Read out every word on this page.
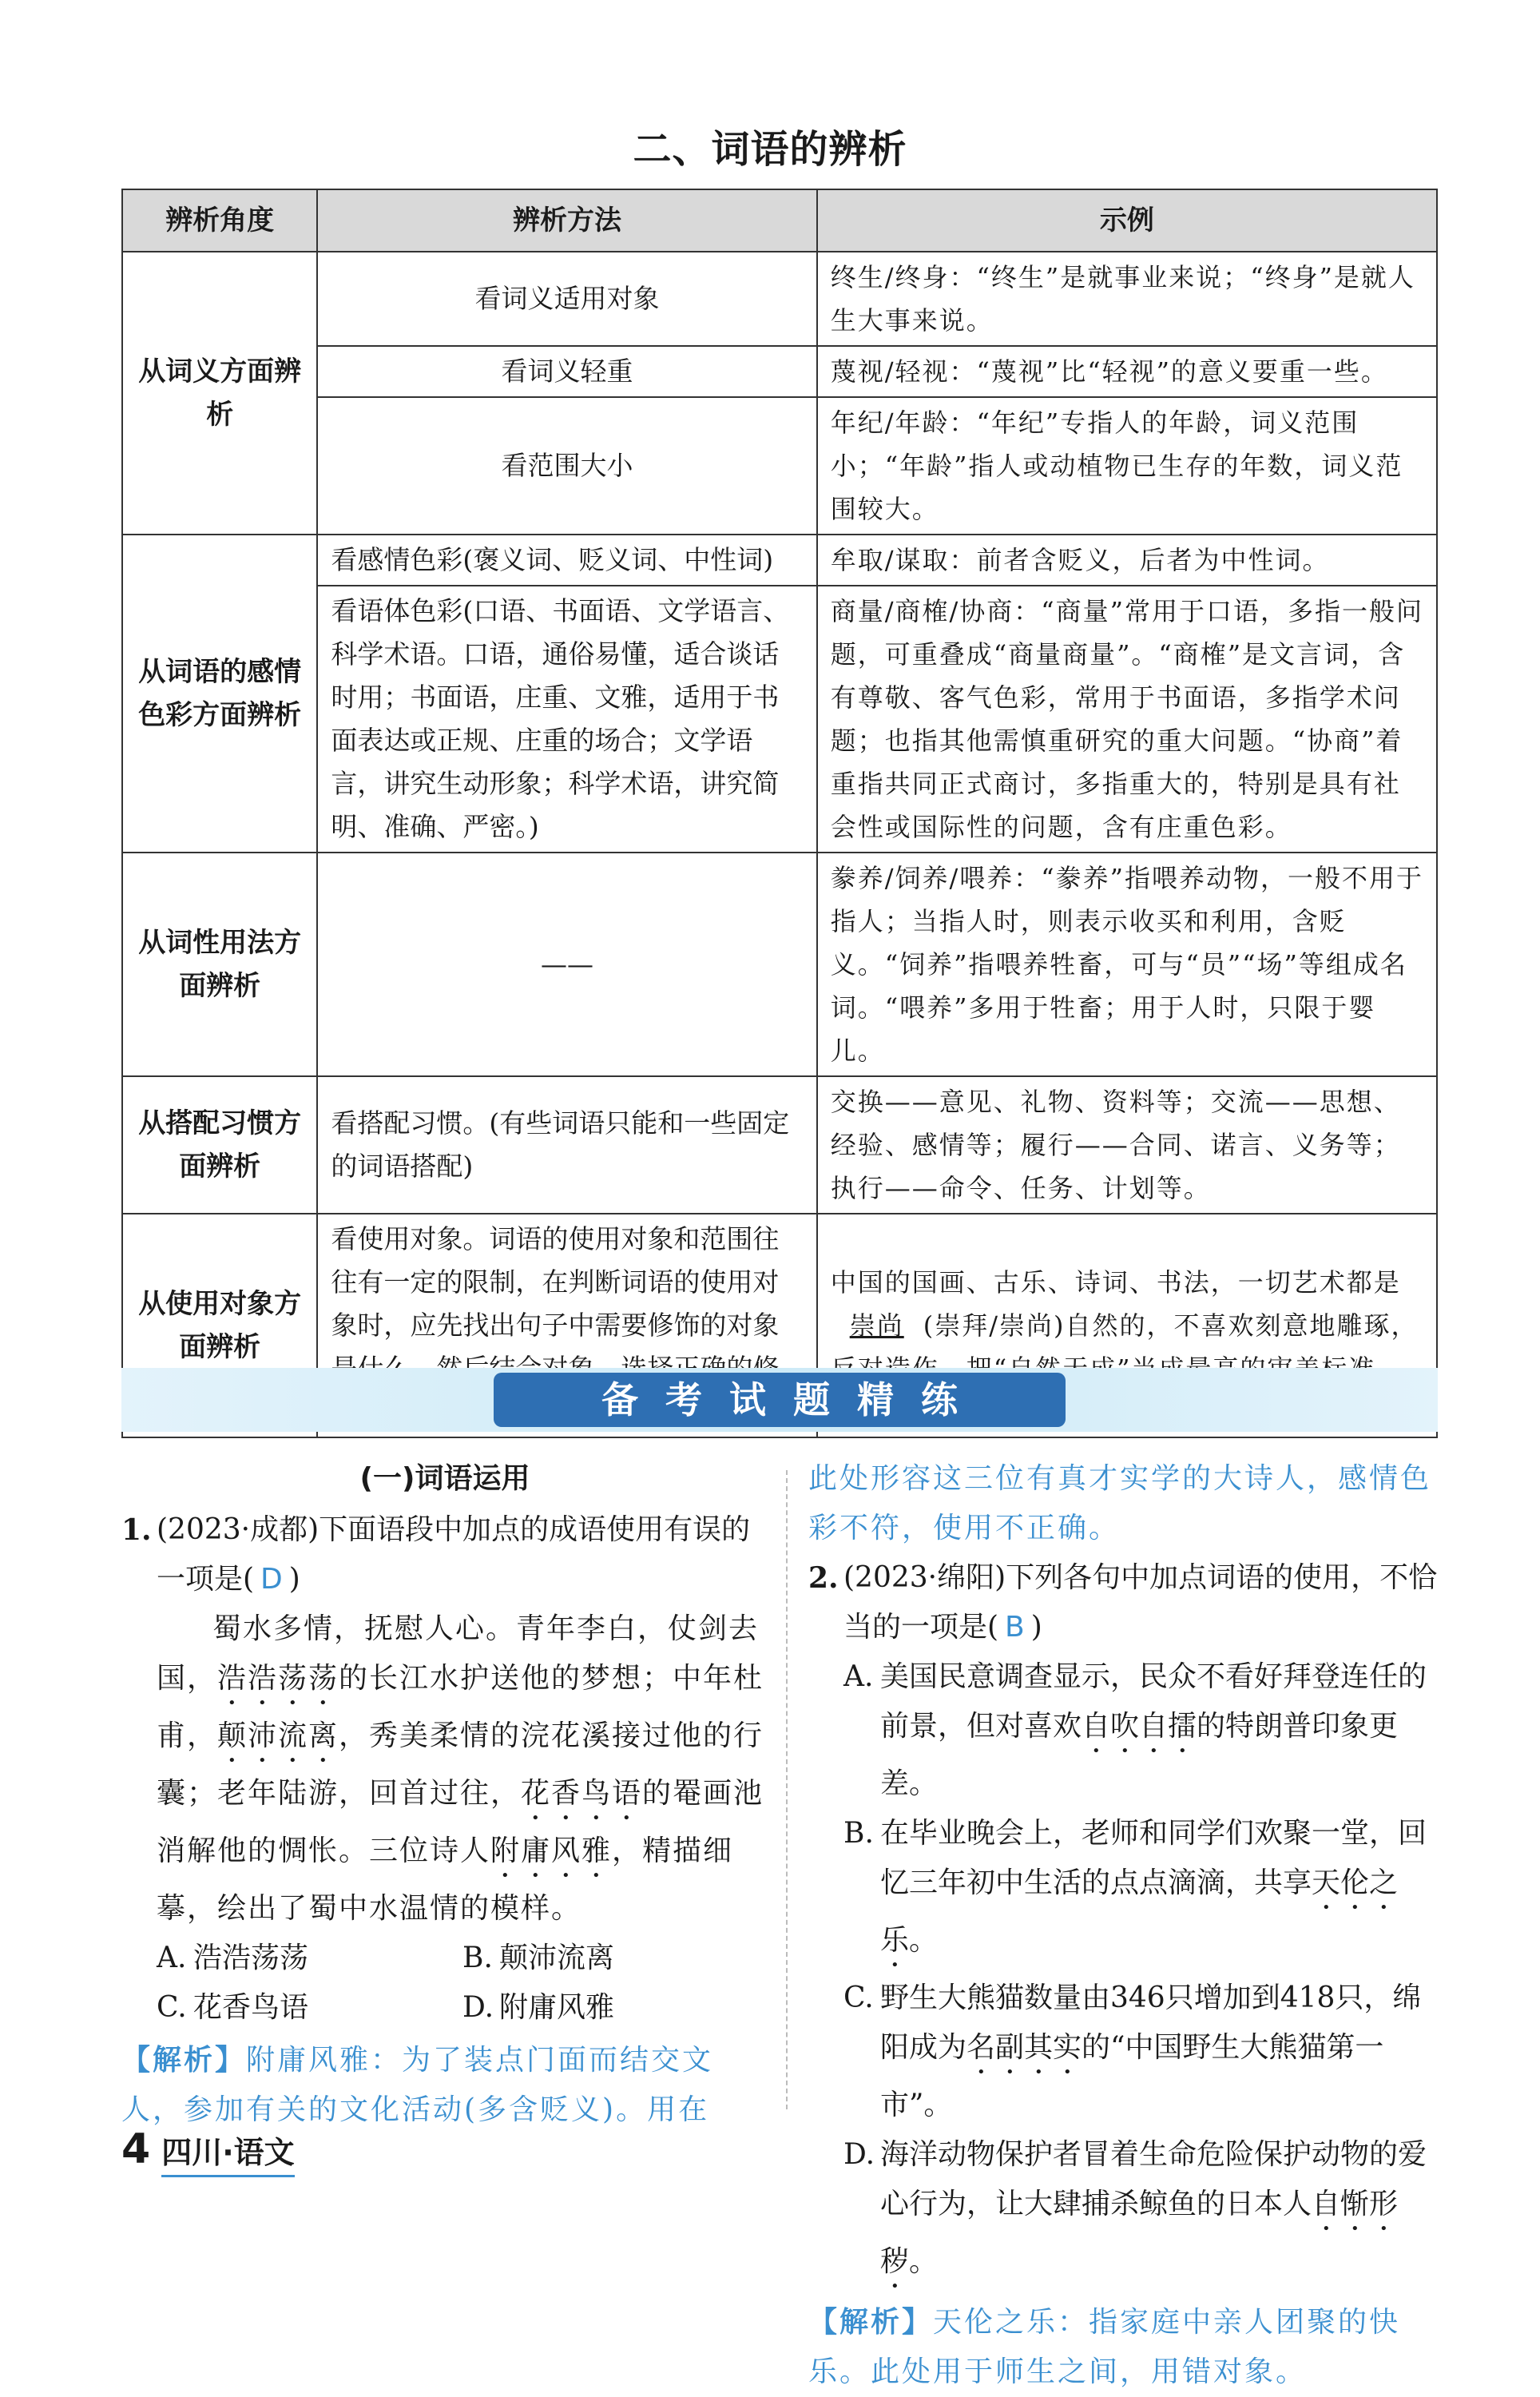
二、词语的辨析
辨析角度	辨析方法	示例
从词义方面辨析	看词义适用对象	终生/终身：“终生”是就事业来说；“终身”是就人生大事来说。
	看词义轻重	蔑视/轻视：“蔑视”比“轻视”的意义要重一些。
	看范围大小	年纪/年龄：“年纪”专指人的年龄，词义范围小；“年龄”指人或动植物已生存的年数，词义范围较大。
从词语的感情色彩方面辨析	看感情色彩(褒义词、贬义词、中性词)	牟取/谋取：前者含贬义，后者为中性词。
	看语体色彩(口语、书面语、文学语言、科学术语。口语，通俗易懂，适合谈话时用；书面语，庄重、文雅，适用于书面表达或正规、庄重的场合；文学语言，讲究生动形象；科学术语，讲究简明、准确、严密。)	商量/商榷/协商：“商量”常用于口语，多指一般问题，可重叠成“商量商量”。“商榷”是文言词，含有尊敬、客气色彩，常用于书面语，多指学术问题；也指其他需慎重研究的重大问题。“协商”着重指共同正式商讨，多指重大的，特别是具有社会性或国际性的问题，含有庄重色彩。
从词性用法方面辨析	——	豢养/饲养/喂养：“豢养”指喂养动物，一般不用于指人；当指人时，则表示收买和利用，含贬义。“饲养”指喂养牲畜，可与“员”“场”等组成名词。“喂养”多用于牲畜；用于人时，只限于婴儿。
从搭配习惯方面辨析	看搭配习惯。(有些词语只能和一些固定的词语搭配)	交换——意见、礼物、资料等；交流——思想、经验、感情等；履行——合同、诺言、义务等；执行——命令、任务、计划等。
从使用对象方面辨析	看使用对象。词语的使用对象和范围往往有一定的限制，在判断词语的使用对象时，应先找出句子中需要修饰的对象	中国的国画、古乐、诗词、书法，一切艺术都是崇尚 (崇拜/崇尚)自然的，不喜欢刻意地雕琢，
备考试题精练
(一)词语运用
1. (2023·成都)下面语段中加点的成语使用有误的一项是( D )
蜀水多情，抚慰人心。青年李白，仗剑去国，浩浩荡荡的长江水护送他的梦想；中年杜甫，颠沛流离，秀美柔情的浣花溪接过他的行囊；老年陆游，回首过往，花香鸟语的罨画池消解他的惆怅。三位诗人附庸风雅，精描细摹，绘出了蜀中水温情的模样。
A. 浩浩荡荡	B. 颠沛流离
C. 花香鸟语	D. 附庸风雅
【解析】附庸风雅：为了装点门面而结交文人，参加有关的文化活动(多含贬义)。用在
此处形容这三位有真才实学的大诗人，感情色彩不符，使用不正确。
2. (2023·绵阳)下列各句中加点词语的使用，不恰当的一项是( B )
A. 美国民意调查显示，民众不看好拜登连任的前景，但对喜欢自吹自擂的特朗普印象更差。
B. 在毕业晚会上，老师和同学们欢聚一堂，回忆三年初中生活的点点滴滴，共享天伦之乐。
C. 野生大熊猫数量由346只增加到418只，绵阳成为名副其实的“中国野生大熊猫第一市”。
D. 海洋动物保护者冒着生命危险保护动物的爱心行为，让大肆捕杀鲸鱼的日本人自惭形秽。
【解析】天伦之乐：指家庭中亲人团聚的快乐。此处用于师生之间，用错对象。
4 四川·语文
